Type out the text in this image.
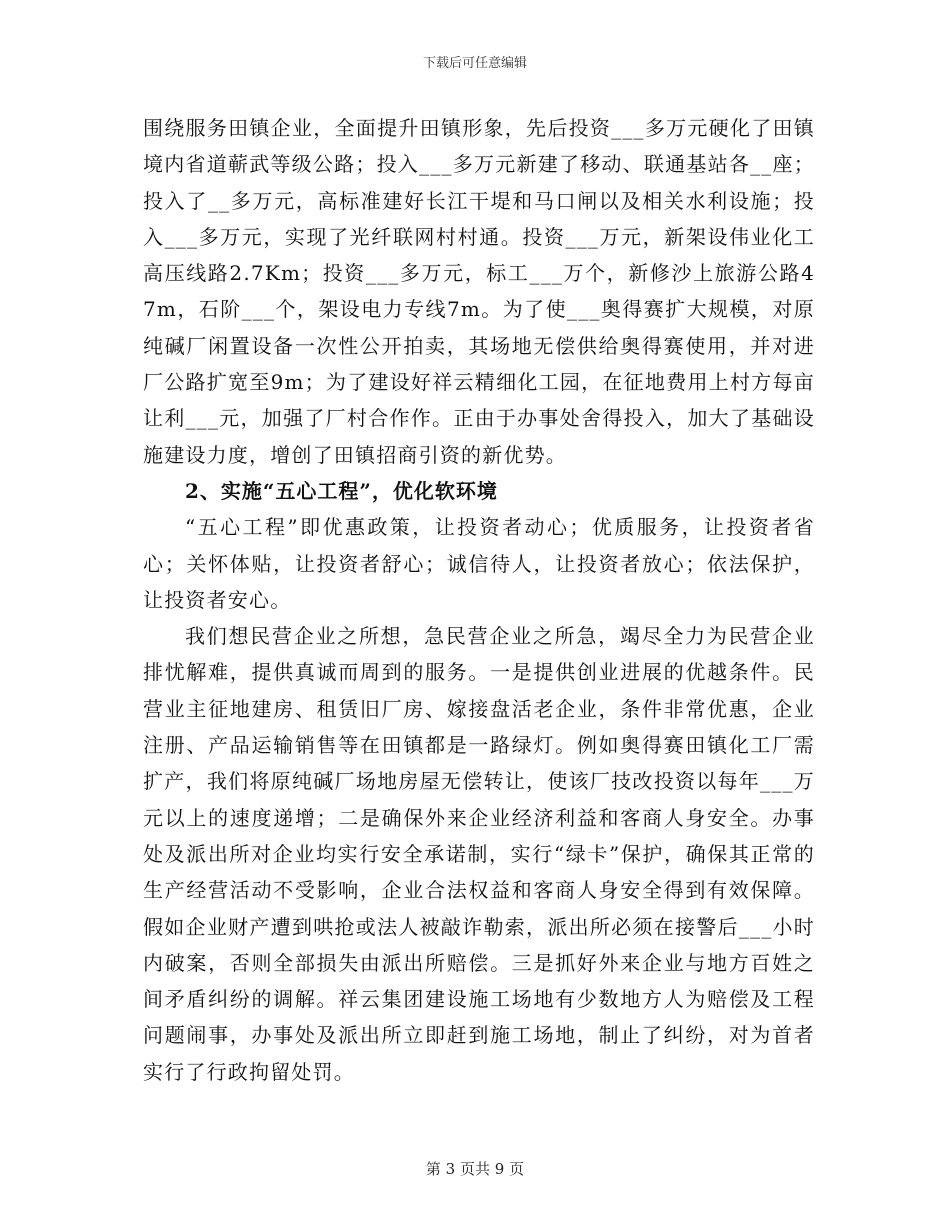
下载后可任意编辑

围绕服务田镇企业，全面提升田镇形象，先后投资___多万元硬化了田镇境内省道蕲武等级公路；投入___多万元新建了移动、联通基站各__座；投入了__多万元，高标准建好长江干堤和马口闸以及相关水利设施；投入___多万元，实现了光纤联网村村通。投资___万元，新架设伟业化工高压线路2.7Km；投资___多万元，标工___万个，新修沙上旅游公路47m，石阶___个，架设电力专线7m。为了使___奥得赛扩大规模，对原纯碱厂闲置设备一次性公开拍卖，其场地无偿供给奥得赛使用，并对进厂公路扩宽至9m；为了建设好祥云精细化工园，在征地费用上村方每亩让利___元，加强了厂村合作作。正由于办事处舍得投入，加大了基础设施建设力度，增创了田镇招商引资的新优势。

2、实施“五心工程”，优化软环境

“五心工程”即优惠政策，让投资者动心；优质服务，让投资者省心；关怀体贴，让投资者舒心；诚信待人，让投资者放心；依法保护，让投资者安心。

我们想民营企业之所想，急民营企业之所急，竭尽全力为民营企业排忧解难，提供真诚而周到的服务。一是提供创业进展的优越条件。民营业主征地建房、租赁旧厂房、嫁接盘活老企业，条件非常优惠，企业注册、产品运输销售等在田镇都是一路绿灯。例如奥得赛田镇化工厂需扩产，我们将原纯碱厂场地房屋无偿转让，使该厂技改投资以每年___万元以上的速度递增；二是确保外来企业经济利益和客商人身安全。办事处及派出所对企业均实行安全承诺制，实行“绿卡”保护，确保其正常的生产经营活动不受影响，企业合法权益和客商人身安全得到有效保障。假如企业财产遭到哄抢或法人被敲诈勒索，派出所必须在接警后___小时内破案，否则全部损失由派出所赔偿。三是抓好外来企业与地方百姓之间矛盾纠纷的调解。祥云集团建设施工场地有少数地方人为赔偿及工程问题闹事，办事处及派出所立即赶到施工场地，制止了纠纷，对为首者实行了行政拘留处罚。

第 3 页共 9 页
